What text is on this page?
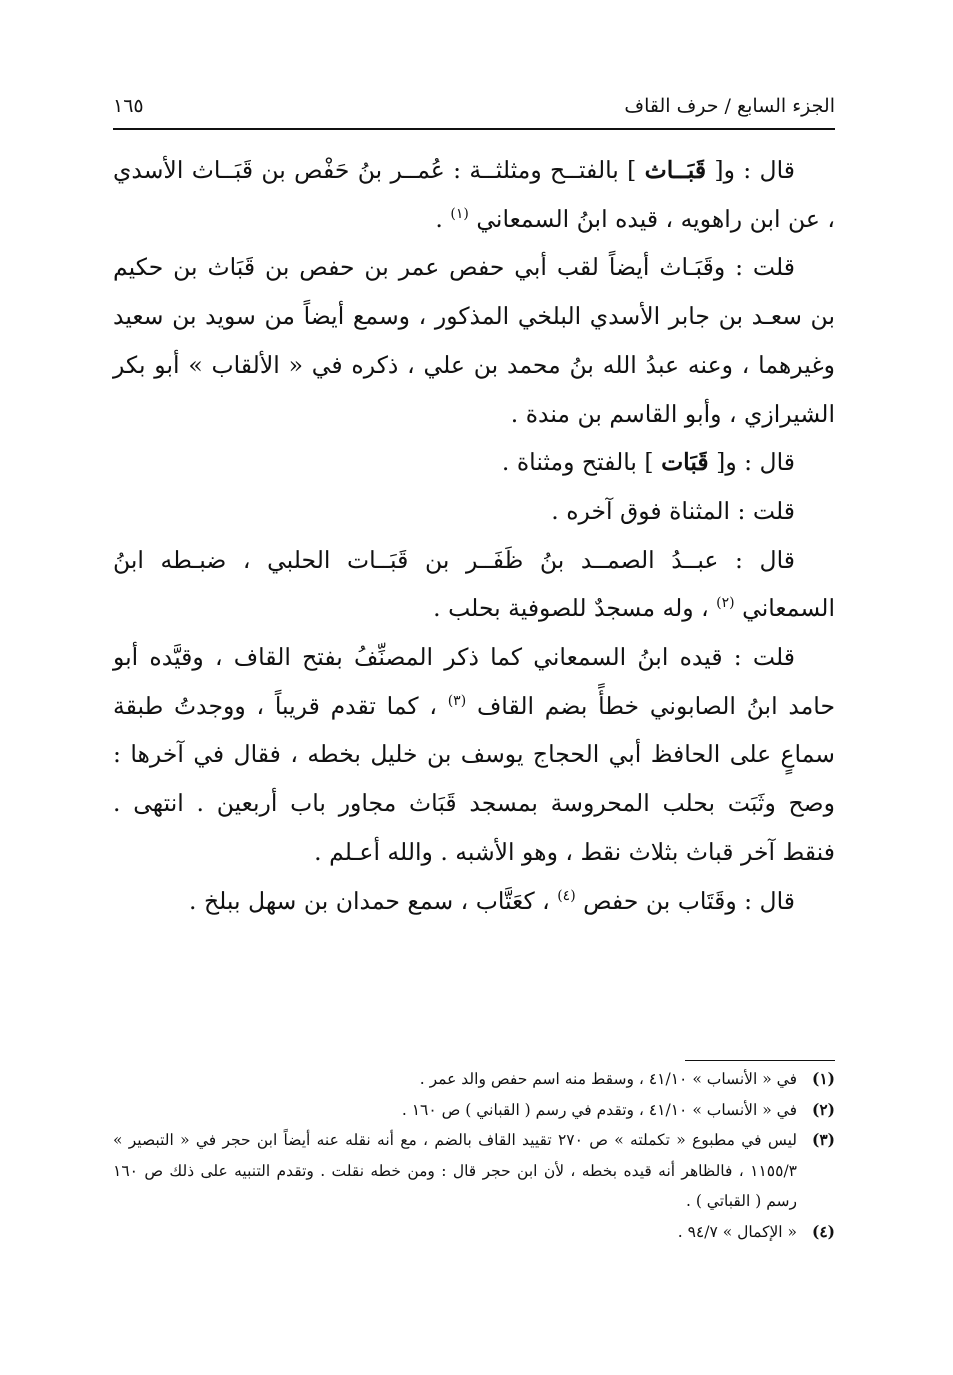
الجزء السابع / حرف القاف
١٦٥

قال : و[ قَبَــاث ] بالفتــح ومثلثــة : عُمــر بنُ حَفْص بن قَبَــاث الأسدي ، عن ابن راهويه ، قيده ابنُ السمعاني $^{(١)}$ .

قلت : وقَبَـاث أيضاً لقب أبي حفص عمر بن حفص بن قَبَاث بن حكيم بن سعـد بن جابر الأسدي البلخي المذكور ، وسمع أيضاً من سويد بن سعيد وغيرهما ، وعنه عبدُ الله بنُ محمد بن علي ، ذكره في « الألقاب » أبو بكر الشيرازي ، وأبو القاسم بن مندة .

قال : و[ قَبَات ] بالفتح ومثناة .

قلت : المثناة فوق آخره .

قال : عبــدُ الصمــد بنُ ظَفَــر بن قَبَــات الحلبي ، ضبـطه ابنُ السمعاني $^{(٢)}$ ، وله مسجدٌ للصوفية بحلب .

قلت : قيده ابنُ السمعاني كما ذكر المصنِّفُ بفتح القاف ، وقيَّده أبو حامد ابنُ الصابوني خطأً بضم القاف $^{(٣)}$ ، كما تقدم قريباً ، ووجدتُ طبقة سماعٍ على الحافظ أبي الحجاج يوسف بن خليل بخطه ، فقال في آخرها : وصح وثَبَت بحلب المحروسة بمسجد قَبَاث مجاور باب أربعين . انتهى . فنقط آخر قباث بثلاث نقط ، وهو الأشبه . والله أعـلم .

قال : وقَتَاب بن حفص $^{(٤)}$ ، كعَتَّاب ، سمع حمدان بن سهل ببلخ .

(١)
في « الأنساب » ٤١/١٠ ، وسقط منه اسم حفص والد عمر .
(٢)
في « الأنساب » ٤١/١٠ ، وتقدم في رسم ( القباني ) ص ١٦٠ .
(٣)
ليس في مطبوع « تكملته » ص ٢٧٠ تقييد القاف بالضم ، مع أنه نقله عنه أيضاً ابن حجر في « التبصير » ١١٥٥/٣ ، فالظاهر أنه قيده بخطه ، لأن ابن حجر قال : ومن خطه نقلت . وتقدم التنبيه على ذلك ص ١٦٠ رسم ( القباتي ) .
(٤)
« الإكمال » ٩٤/٧ .
